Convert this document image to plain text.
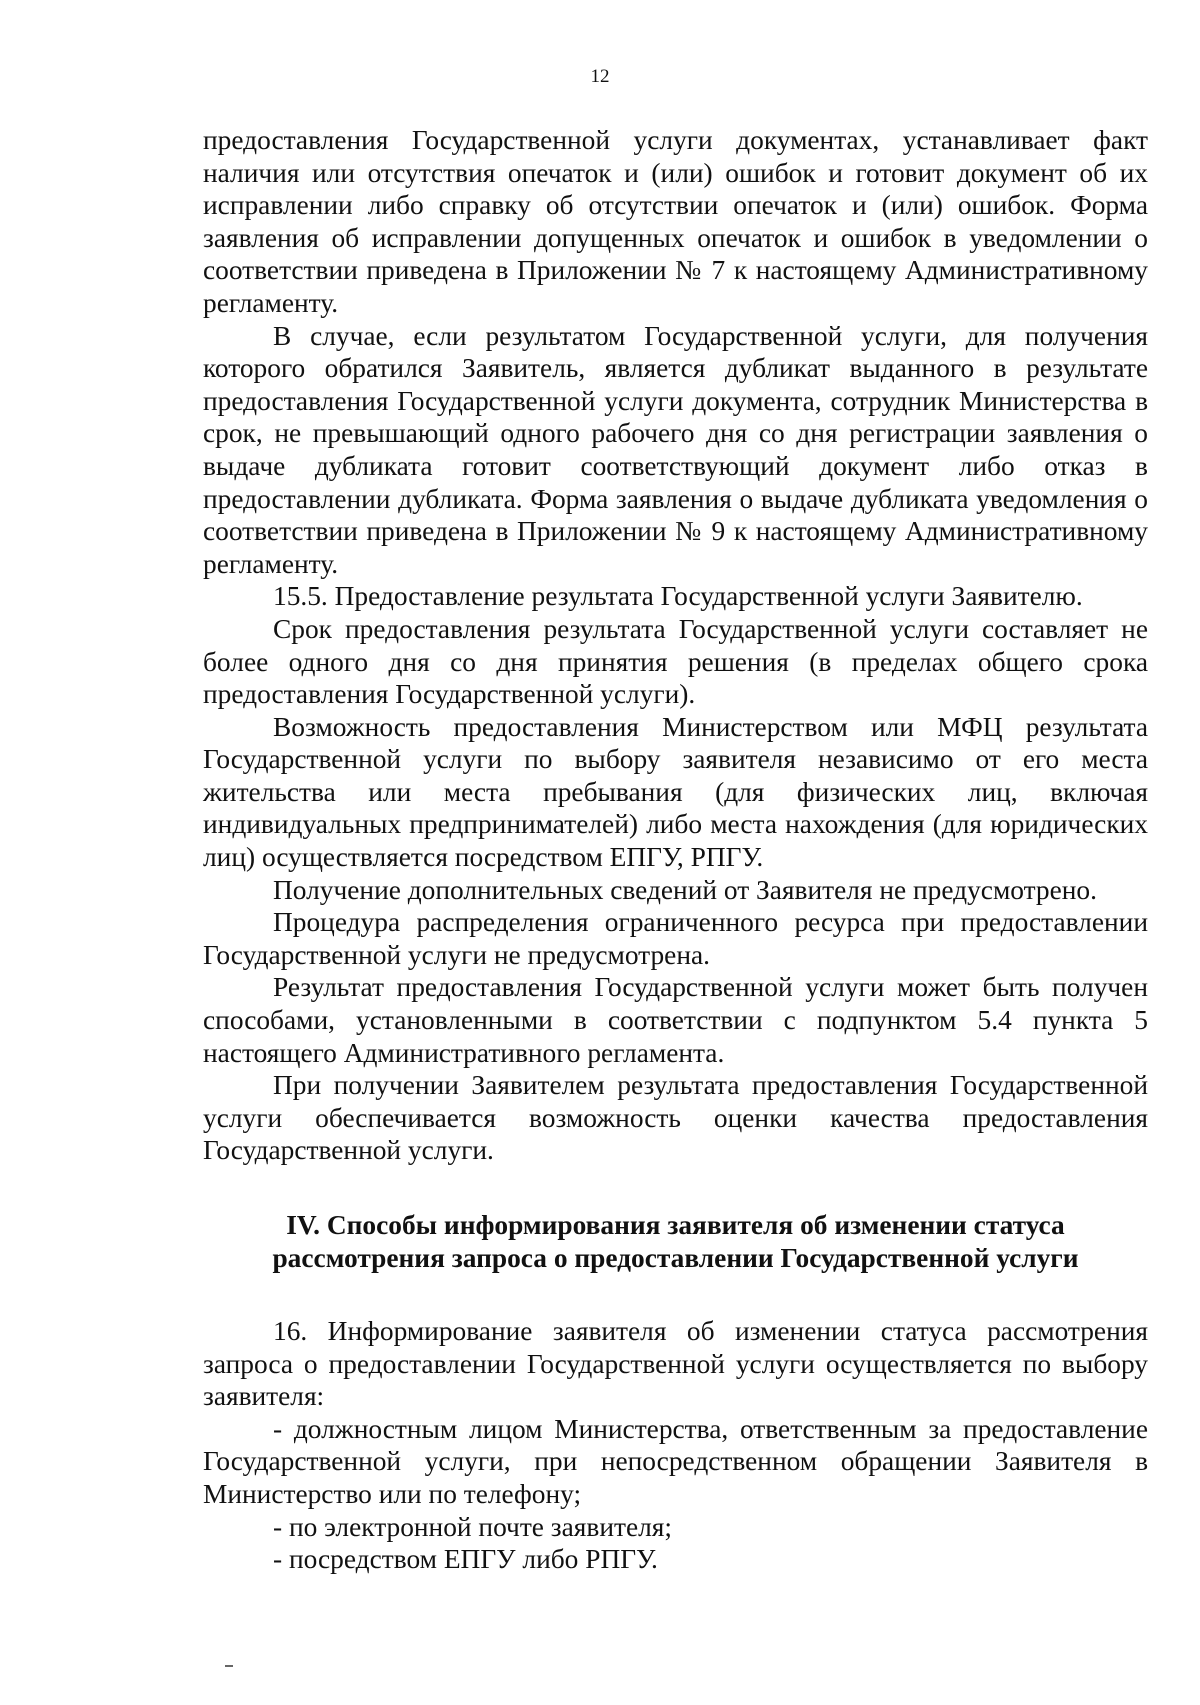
12

предоставления Государственной услуги документах, устанавливает факт наличия или отсутствия опечаток и (или) ошибок и готовит документ об их исправлении либо справку об отсутствии опечаток и (или) ошибок. Форма заявления об исправлении допущенных опечаток и ошибок в уведомлении о соответствии приведена в Приложении № 7 к настоящему Административному регламенту.

В случае, если результатом Государственной услуги, для получения которого обратился Заявитель, является дубликат выданного в результате предоставления Государственной услуги документа, сотрудник Министерства в срок, не превышающий одного рабочего дня со дня регистрации заявления о выдаче дубликата готовит соответствующий документ либо отказ в предоставлении дубликата. Форма заявления о выдаче дубликата уведомления о соответствии приведена в Приложении № 9 к настоящему Административному регламенту.

15.5. Предоставление результата Государственной услуги Заявителю.

Срок предоставления результата Государственной услуги составляет не более одного дня со дня принятия решения (в пределах общего срока предоставления Государственной услуги).

Возможность предоставления Министерством или МФЦ результата Государственной услуги по выбору заявителя независимо от его места жительства или места пребывания (для физических лиц, включая индивидуальных предпринимателей) либо места нахождения (для юридических лиц) осуществляется посредством ЕПГУ, РПГУ.

Получение дополнительных сведений от Заявителя не предусмотрено.

Процедура распределения ограниченного ресурса при предоставлении Государственной услуги не предусмотрена.

Результат предоставления Государственной услуги может быть получен способами, установленными в соответствии с подпунктом 5.4 пункта 5 настоящего Административного регламента.

При получении Заявителем результата предоставления Государственной услуги обеспечивается возможность оценки качества предоставления Государственной услуги.

IV. Способы информирования заявителя об изменении статуса
рассмотрения запроса о предоставлении Государственной услуги

16. Информирование заявителя об изменении статуса рассмотрения запроса о предоставлении Государственной услуги осуществляется по выбору заявителя:

- должностным лицом Министерства, ответственным за предоставление Государственной услуги, при непосредственном обращении Заявителя в Министерство или по телефону;

- по электронной почте заявителя;

- посредством ЕПГУ либо РПГУ.
